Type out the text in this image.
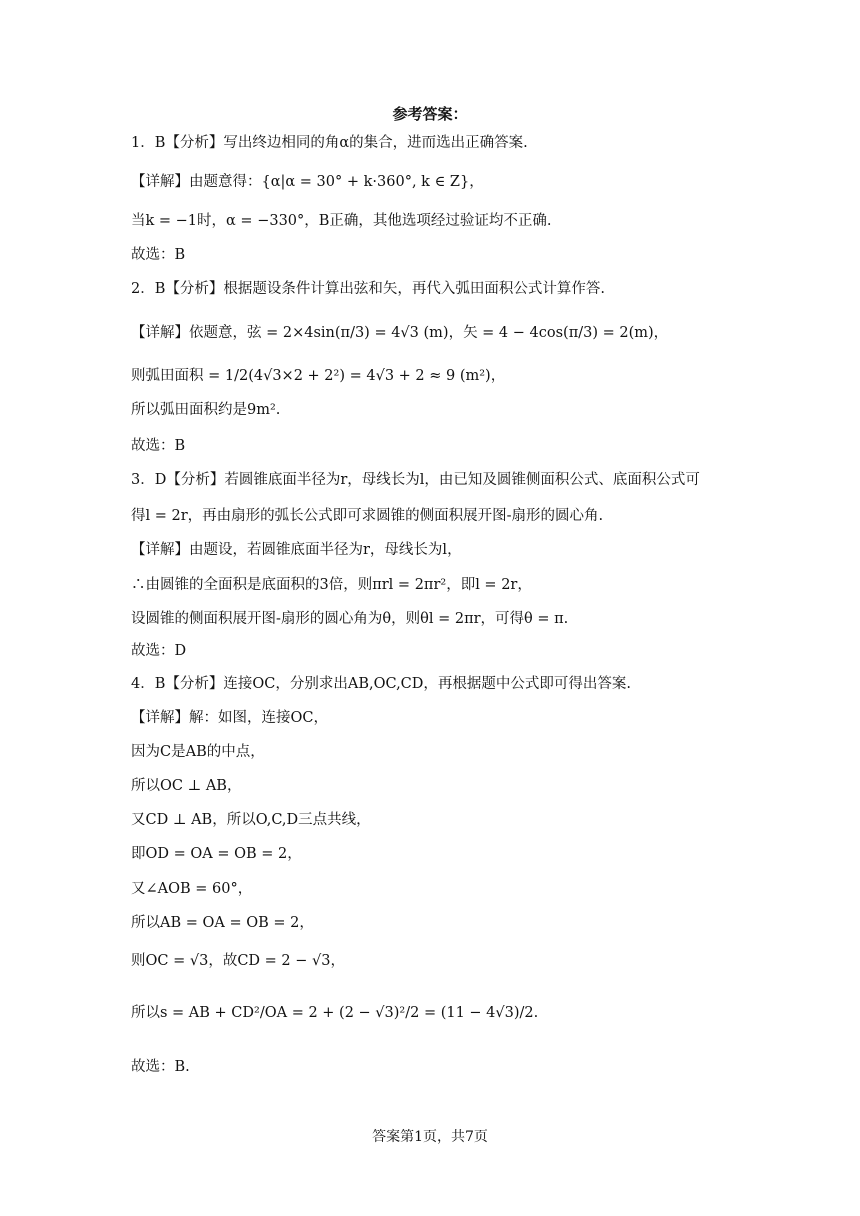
参考答案：
1．B【分析】写出终边相同的角α的集合，进而选出正确答案.
【详解】由题意得：{α|α = 30° + k·360°, k ∈ Z}，
当k = −1时，α = −330°，B正确，其他选项经过验证均不正确.
故选：B
2．B【分析】根据题设条件计算出弦和矢，再代入弧田面积公式计算作答.
【详解】依题意，弦 = 2×4sin(π/3) = 4√3 (m)，矢 = 4 − 4cos(π/3) = 2(m)，
则弧田面积 = 1/2(4√3×2 + 2²) = 4√3 + 2 ≈ 9 (m²)，
所以弧田面积约是9m².
故选：B
3．D【分析】若圆锥底面半径为r，母线长为l，由已知及圆锥侧面积公式、底面积公式可
得l = 2r，再由扇形的弧长公式即可求圆锥的侧面积展开图-扇形的圆心角.
【详解】由题设，若圆锥底面半径为r，母线长为l，
∴由圆锥的全面积是底面积的3倍，则πrl = 2πr²，即l = 2r，
设圆锥的侧面积展开图-扇形的圆心角为θ，则θl = 2πr，可得θ = π.
故选：D
4．B【分析】连接OC，分别求出AB,OC,CD，再根据题中公式即可得出答案.
【详解】解：如图，连接OC，
因为C是AB的中点，
所以OC ⊥ AB，
又CD ⊥ AB，所以O,C,D三点共线，
即OD = OA = OB = 2，
又∠AOB = 60°，
所以AB = OA = OB = 2，
则OC = √3，故CD = 2 − √3，
所以s = AB + CD²/OA = 2 + (2 − √3)²/2 = (11 − 4√3)/2.
故选：B.
答案第1页，共7页
